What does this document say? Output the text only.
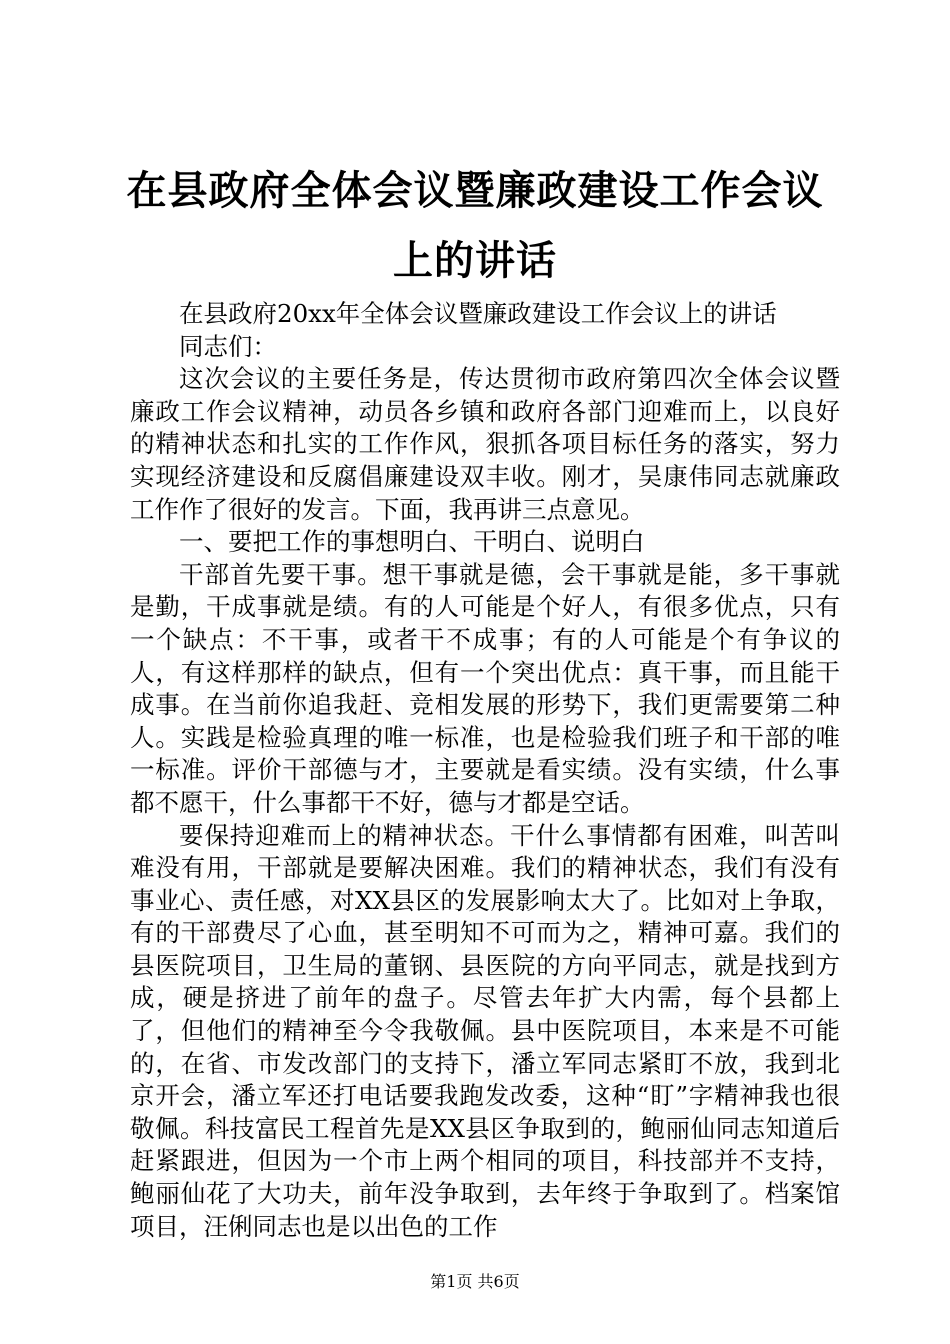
在县政府全体会议暨廉政建设工作会议上的讲话

在县政府20xx年全体会议暨廉政建设工作会议上的讲话

同志们：

这次会议的主要任务是，传达贯彻市政府第四次全体会议暨廉政工作会议精神，动员各乡镇和政府各部门迎难而上，以良好的精神状态和扎实的工作作风，狠抓各项目标任务的落实，努力实现经济建设和反腐倡廉建设双丰收。刚才，吴康伟同志就廉政工作作了很好的发言。下面，我再讲三点意见。

一、要把工作的事想明白、干明白、说明白

干部首先要干事。想干事就是德，会干事就是能，多干事就是勤，干成事就是绩。有的人可能是个好人，有很多优点，只有一个缺点：不干事，或者干不成事；有的人可能是个有争议的人，有这样那样的缺点，但有一个突出优点：真干事，而且能干成事。在当前你追我赶、竞相发展的形势下，我们更需要第二种人。实践是检验真理的唯一标准，也是检验我们班子和干部的唯一标准。评价干部德与才，主要就是看实绩。没有实绩，什么事都不愿干，什么事都干不好，德与才都是空话。

要保持迎难而上的精神状态。干什么事情都有困难，叫苦叫难没有用，干部就是要解决困难。我们的精神状态，我们有没有事业心、责任感，对XX县区的发展影响太大了。比如对上争取，有的干部费尽了心血，甚至明知不可而为之，精神可嘉。我们的县医院项目，卫生局的董钢、县医院的方向平同志，就是找到方成，硬是挤进了前年的盘子。尽管去年扩大内需，每个县都上了，但他们的精神至今令我敬佩。县中医院项目，本来是不可能的，在省、市发改部门的支持下，潘立军同志紧盯不放，我到北京开会，潘立军还打电话要我跑发改委，这种“盯”字精神我也很敬佩。科技富民工程首先是XX县区争取到的，鲍丽仙同志知道后赶紧跟进，但因为一个市上两个相同的项目，科技部并不支持，鲍丽仙花了大功夫，前年没争取到，去年终于争取到了。档案馆项目，汪俐同志也是以出色的工作

第1页 共6页
